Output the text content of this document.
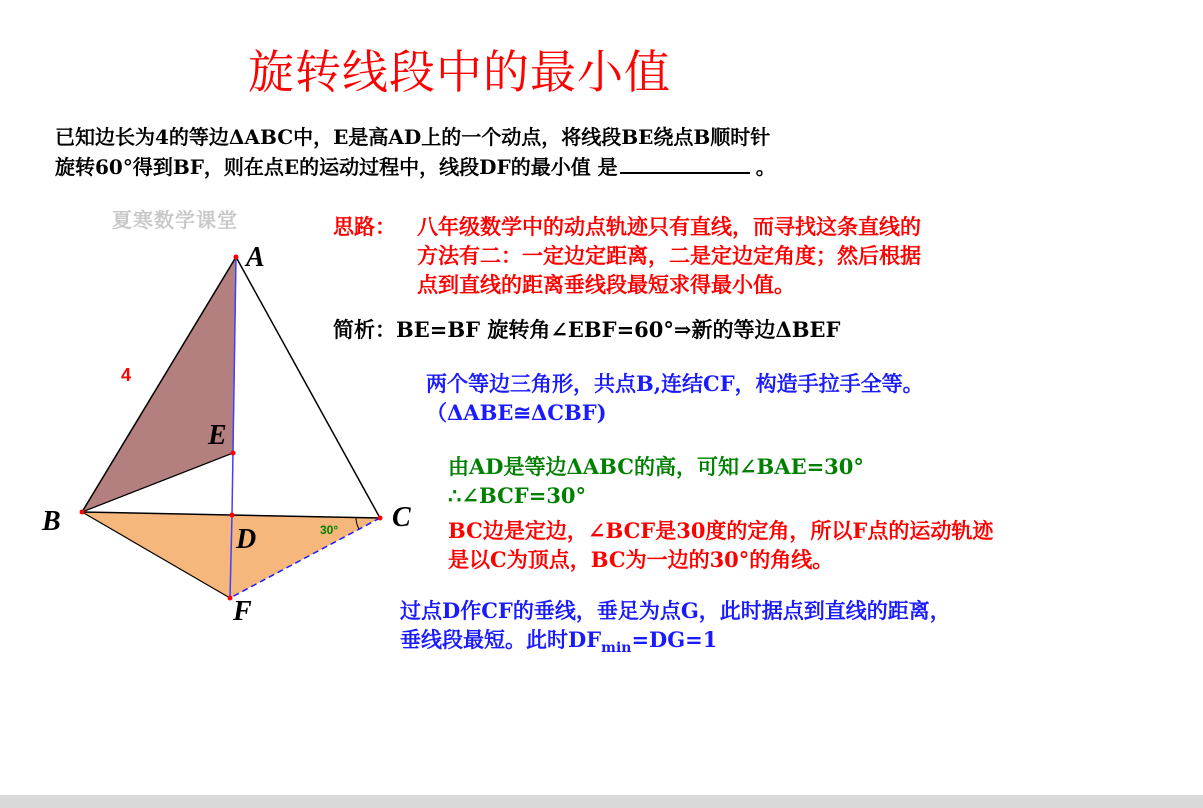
旋转线段中的最小值
已知边长为4的等边ΔABC中，E是高AD上的一个动点，将线段BE绕点B顺时针
旋转60°得到BF，则在点E的运动过程中，线段DF的最小值 是	。
夏寒数学课堂
A
B	C
D
E
F
4
30°
思路：	八年级数学中的动点轨迹只有直线，而寻找这条直线的
方法有二：一定边定距离，二是定边定角度；然后根据
点到直线的距离垂线段最短求得最小值。
简析：BE=BF 旋转角∠EBF=60°⇒新的等边ΔBEF
两个等边三角形，共点B,连结CF，构造手拉手全等。
（ΔABE≅ΔCBF)
由AD是等边ΔABC的高，可知∠BAE=30°
∴∠BCF=30°
BC边是定边，∠BCF是30度的定角，所以F点的运动轨迹
是以C为顶点，BC为一边的30°的角线。
过点D作CF的垂线，垂足为点G，此时据点到直线的距离，
垂线段最短。此时$DF_{min}=DG=1$
